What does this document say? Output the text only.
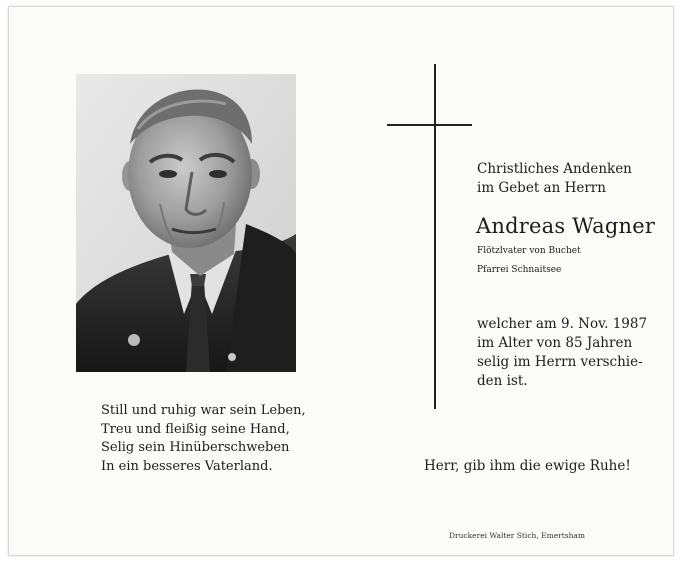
Still und ruhig war sein Leben,
Treu und fleißig seine Hand,
Selig sein Hinüberschweben
In ein besseres Vaterland.
Christliches Andenken
im Gebet an Herrn
Andreas Wagner
Flötzlvater von Buchet
Pfarrei Schnaitsee
welcher am 9. Nov. 1987
im Alter von 85 Jahren
selig im Herrn verschie-
den ist.
Herr, gib ihm die ewige Ruhe!
Druckerei Walter Stich, Emertsham
